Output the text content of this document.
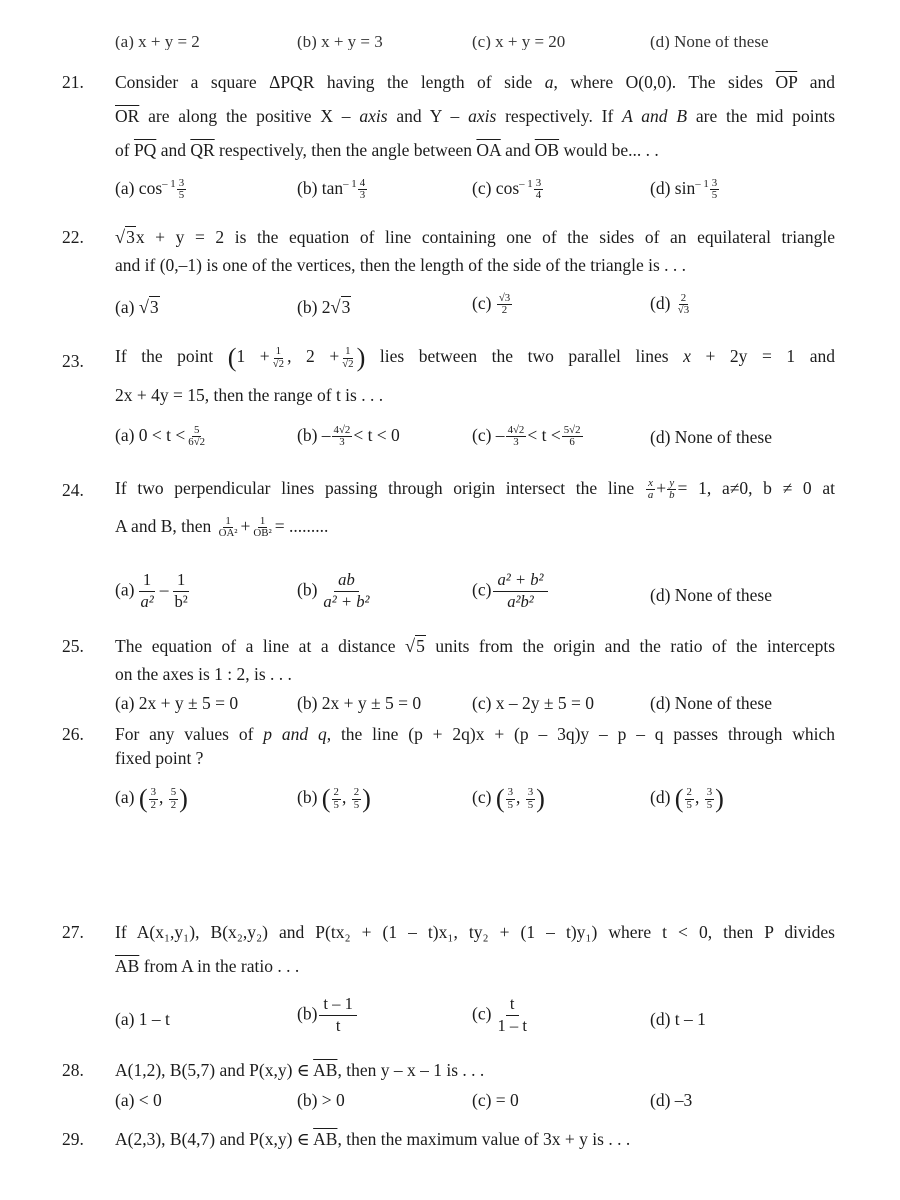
(a) x + y = 2	(b) x + y = 3	(c) x + y = 20	(d) None of these
21. Consider a square ΔPQR having the length of side a, where O(0,0). The sides $\overline{OP}$ and
$\overline{OR}$ are along the positive X – axis and Y – axis respectively. If A and B are the mid points
of $\overline{PQ}$ and $\overline{QR}$ respectively, then the angle between $\overline{OA}$ and $\overline{OB}$ would be... . .
(a) $\cos^{- 1} \frac{3}{5}$	(b) $\tan^{- 1} \frac{4}{3}$	(c) $\cos^{- 1} \frac{3}{4}$	(d) $\sin^{- 1} \frac{3}{5}$
22. √3x + y = 2 is the equation of line containing one of the sides of an equilateral triangle
and if (0,–1) is one of the vertices, then the length of the side of the triangle is . . .
(a) √3	(b) 2√3	$(c) \frac{√3}{2}$	$(d) \frac{2}{√3}$
23. If the point ($1 + \frac{1}{√2}$ , $2 + \frac{1}{√2}$ ) lies between the two parallel lines x + 2y = 1 and
2x + 4y = 15, then the range of t is . . .
(a) $0 < t < \frac{5}{6√2}$	$(b) - \frac{4√2}{3} < t < 0$	$(c) - \frac{4√2}{3} < t < \frac{5√2}{6}$	(d) None of these
24. If two perpendicular lines passing through origin intersect the line $\frac{x}{a} + \frac{y}{b} = 1$, a≠0, b ≠ 0 at
A and B, then $\frac{1}{\text{OA²}} + \frac{1}{\text{OB²}}$ = .........
$(a) \frac{1}{\text{a²}} - \frac{1}{\text{b²}}$	$(b) \frac{ab}{\text{a² + b²}}$	$(c) \frac{\text{a² + b²}}{\text{a²b²}}$	(d) None of these
25. The equation of a line at a distance √5 units from the origin and the ratio of the intercepts
on the axes is 1 : 2, is . . .
(a) 2x + y ± 5 = 0	(b) 2x + y ± 5 = 0	(c) x – 2y ± 5 = 0	(d) None of these
26. For any values of p and q, the line (p + 2q)x + (p – 3q)y – p – q passes through which
fixed point ?
(a) ( $\frac{3}{2}$ , $\frac{5}{2}$ )	(b) ( $\frac{2}{5}$ , $\frac{2}{5}$ )	(c) ( $\frac{3}{5}$ , $\frac{3}{5}$ )	(d) ( $\frac{2}{5}$ , $\frac{3}{5}$ )
27. If A(x₁,y₁), B(x₂,y₂) and P(tx₂ + (1 – t)x₁, ty₂ + (1 – t)y₁) where t < 0, then P divides
$\overline{AB}$ from A in the ratio . . .
(a) 1 – t	$(b) \frac{t - 1}{t}$	$(c) \frac{t}{1 - t}$	(d) t – 1
28. A(1,2), B(5,7) and P(x,y) ∈ $\overline{AB}$, then y – x – 1 is . . .
(a) < 0	(b) > 0	(c) = 0	(d) –3
29. A(2,3), B(4,7) and P(x,y) ∈ $\overline{AB}$, then the maximum value of 3x + y is . . .
